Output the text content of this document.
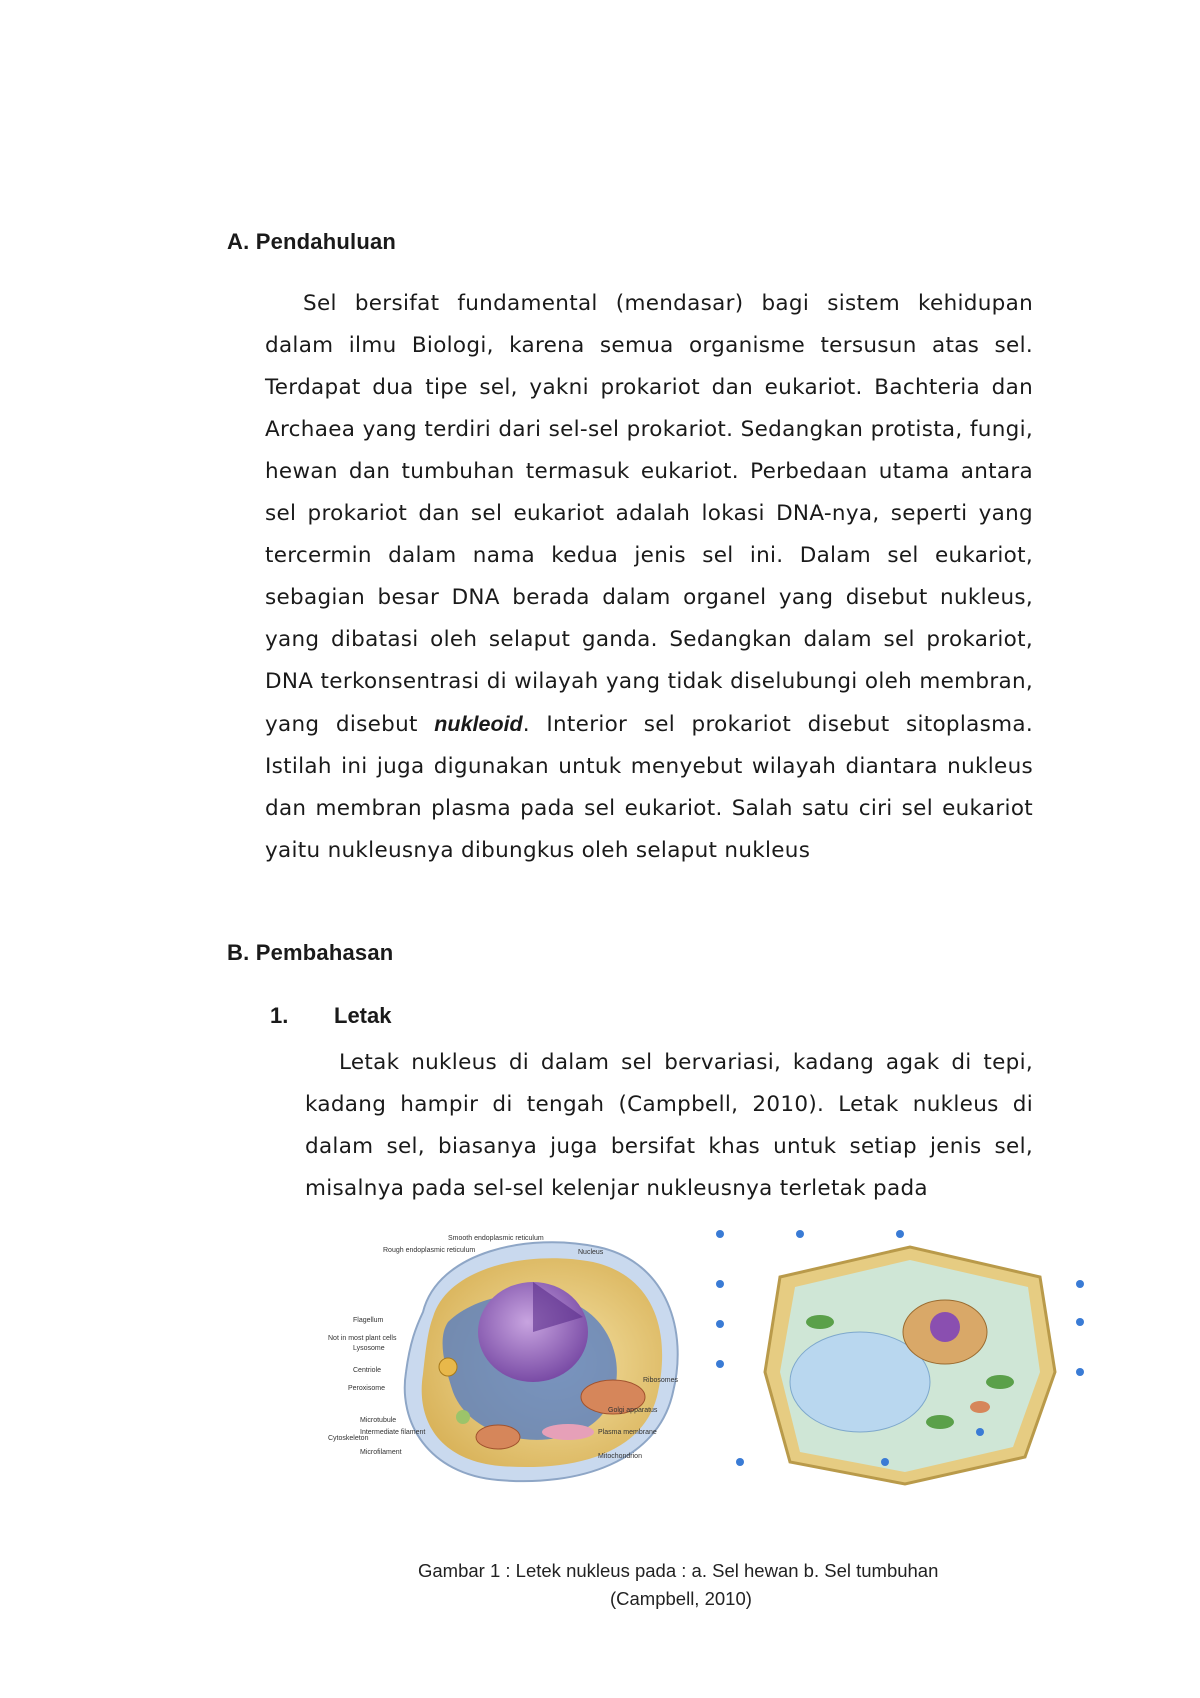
A. Pendahuluan

Sel bersifat fundamental (mendasar) bagi sistem kehidupan dalam ilmu Biologi, karena semua organisme tersusun atas sel. Terdapat dua tipe sel, yakni prokariot dan eukariot. Bachteria dan Archaea yang terdiri dari sel-sel prokariot. Sedangkan protista, fungi, hewan dan tumbuhan termasuk eukariot. Perbedaan utama antara sel prokariot dan sel eukariot adalah lokasi DNA-nya, seperti yang tercermin dalam nama kedua jenis sel ini. Dalam sel eukariot, sebagian besar DNA berada dalam organel yang disebut nukleus, yang dibatasi oleh selaput ganda. Sedangkan dalam sel prokariot, DNA terkonsentrasi di wilayah yang tidak diselubungi oleh membran, yang disebut nukleoid. Interior sel prokariot disebut sitoplasma. Istilah ini juga digunakan untuk menyebut wilayah diantara nukleus dan membran plasma pada sel eukariot. Salah satu ciri sel eukariot yaitu nukleusnya dibungkus oleh selaput nukleus

B. Pembahasan
1. Letak

Letak nukleus di dalam sel bervariasi, kadang agak di tepi, kadang hampir di tengah (Campbell, 2010). Letak nukleus di dalam sel, biasanya juga bersifat khas untuk setiap jenis sel, misalnya pada sel-sel kelenjar nukleusnya terletak pada

Rough endoplasmic reticulum
Smooth endoplasmic reticulum
Nucleus
Flagellum
Not in most plant cells
Lysosome
Centriole
Peroxisome
Ribosomes
Golgi apparatus
Plasma membrane
Cytoskeleton
Microtubule
Intermediate filament
Microfilament
Mitochondrion
Gambar 1 : Letek nukleus pada : a. Sel hewan b. Sel tumbuhan
(Campbell, 2010)
